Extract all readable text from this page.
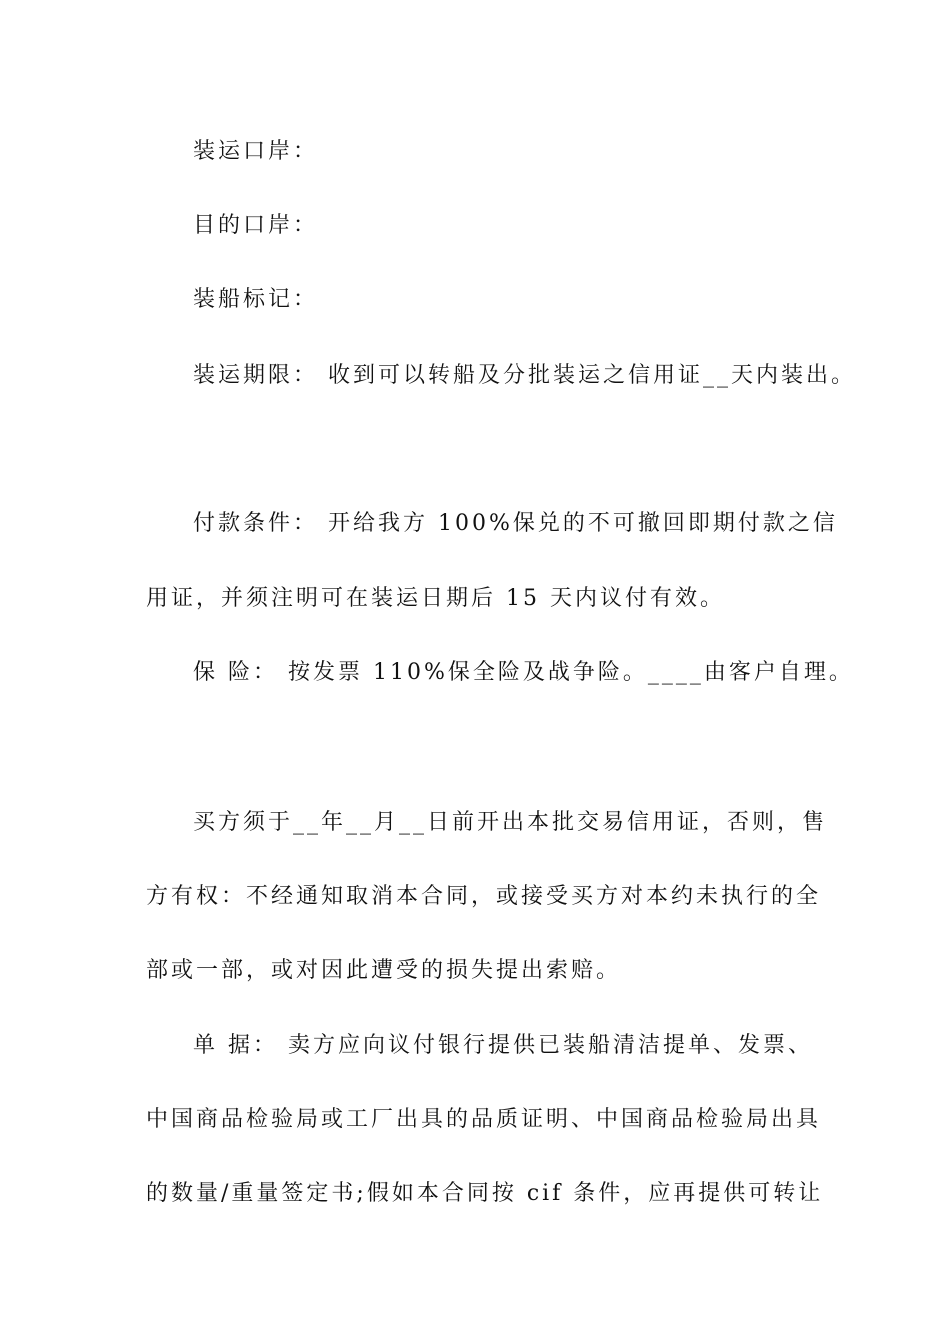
装运口岸：
目的口岸：
装船标记：
装运期限： 收到可以转船及分批装运之信用证__天内装出。
付款条件： 开给我方 100%保兑的不可撤回即期付款之信
用证，并须注明可在装运日期后 15 天内议付有效。
保 险： 按发票 110%保全险及战争险。____由客户自理。
买方须于__年__月__日前开出本批交易信用证，否则，售
方有权：不经通知取消本合同，或接受买方对本约未执行的全
部或一部，或对因此遭受的损失提出索赔。
单 据： 卖方应向议付银行提供已装船清洁提单、发票、
中国商品检验局或工厂出具的品质证明、中国商品检验局出具
的数量/重量签定书;假如本合同按 cif 条件，应再提供可转让
